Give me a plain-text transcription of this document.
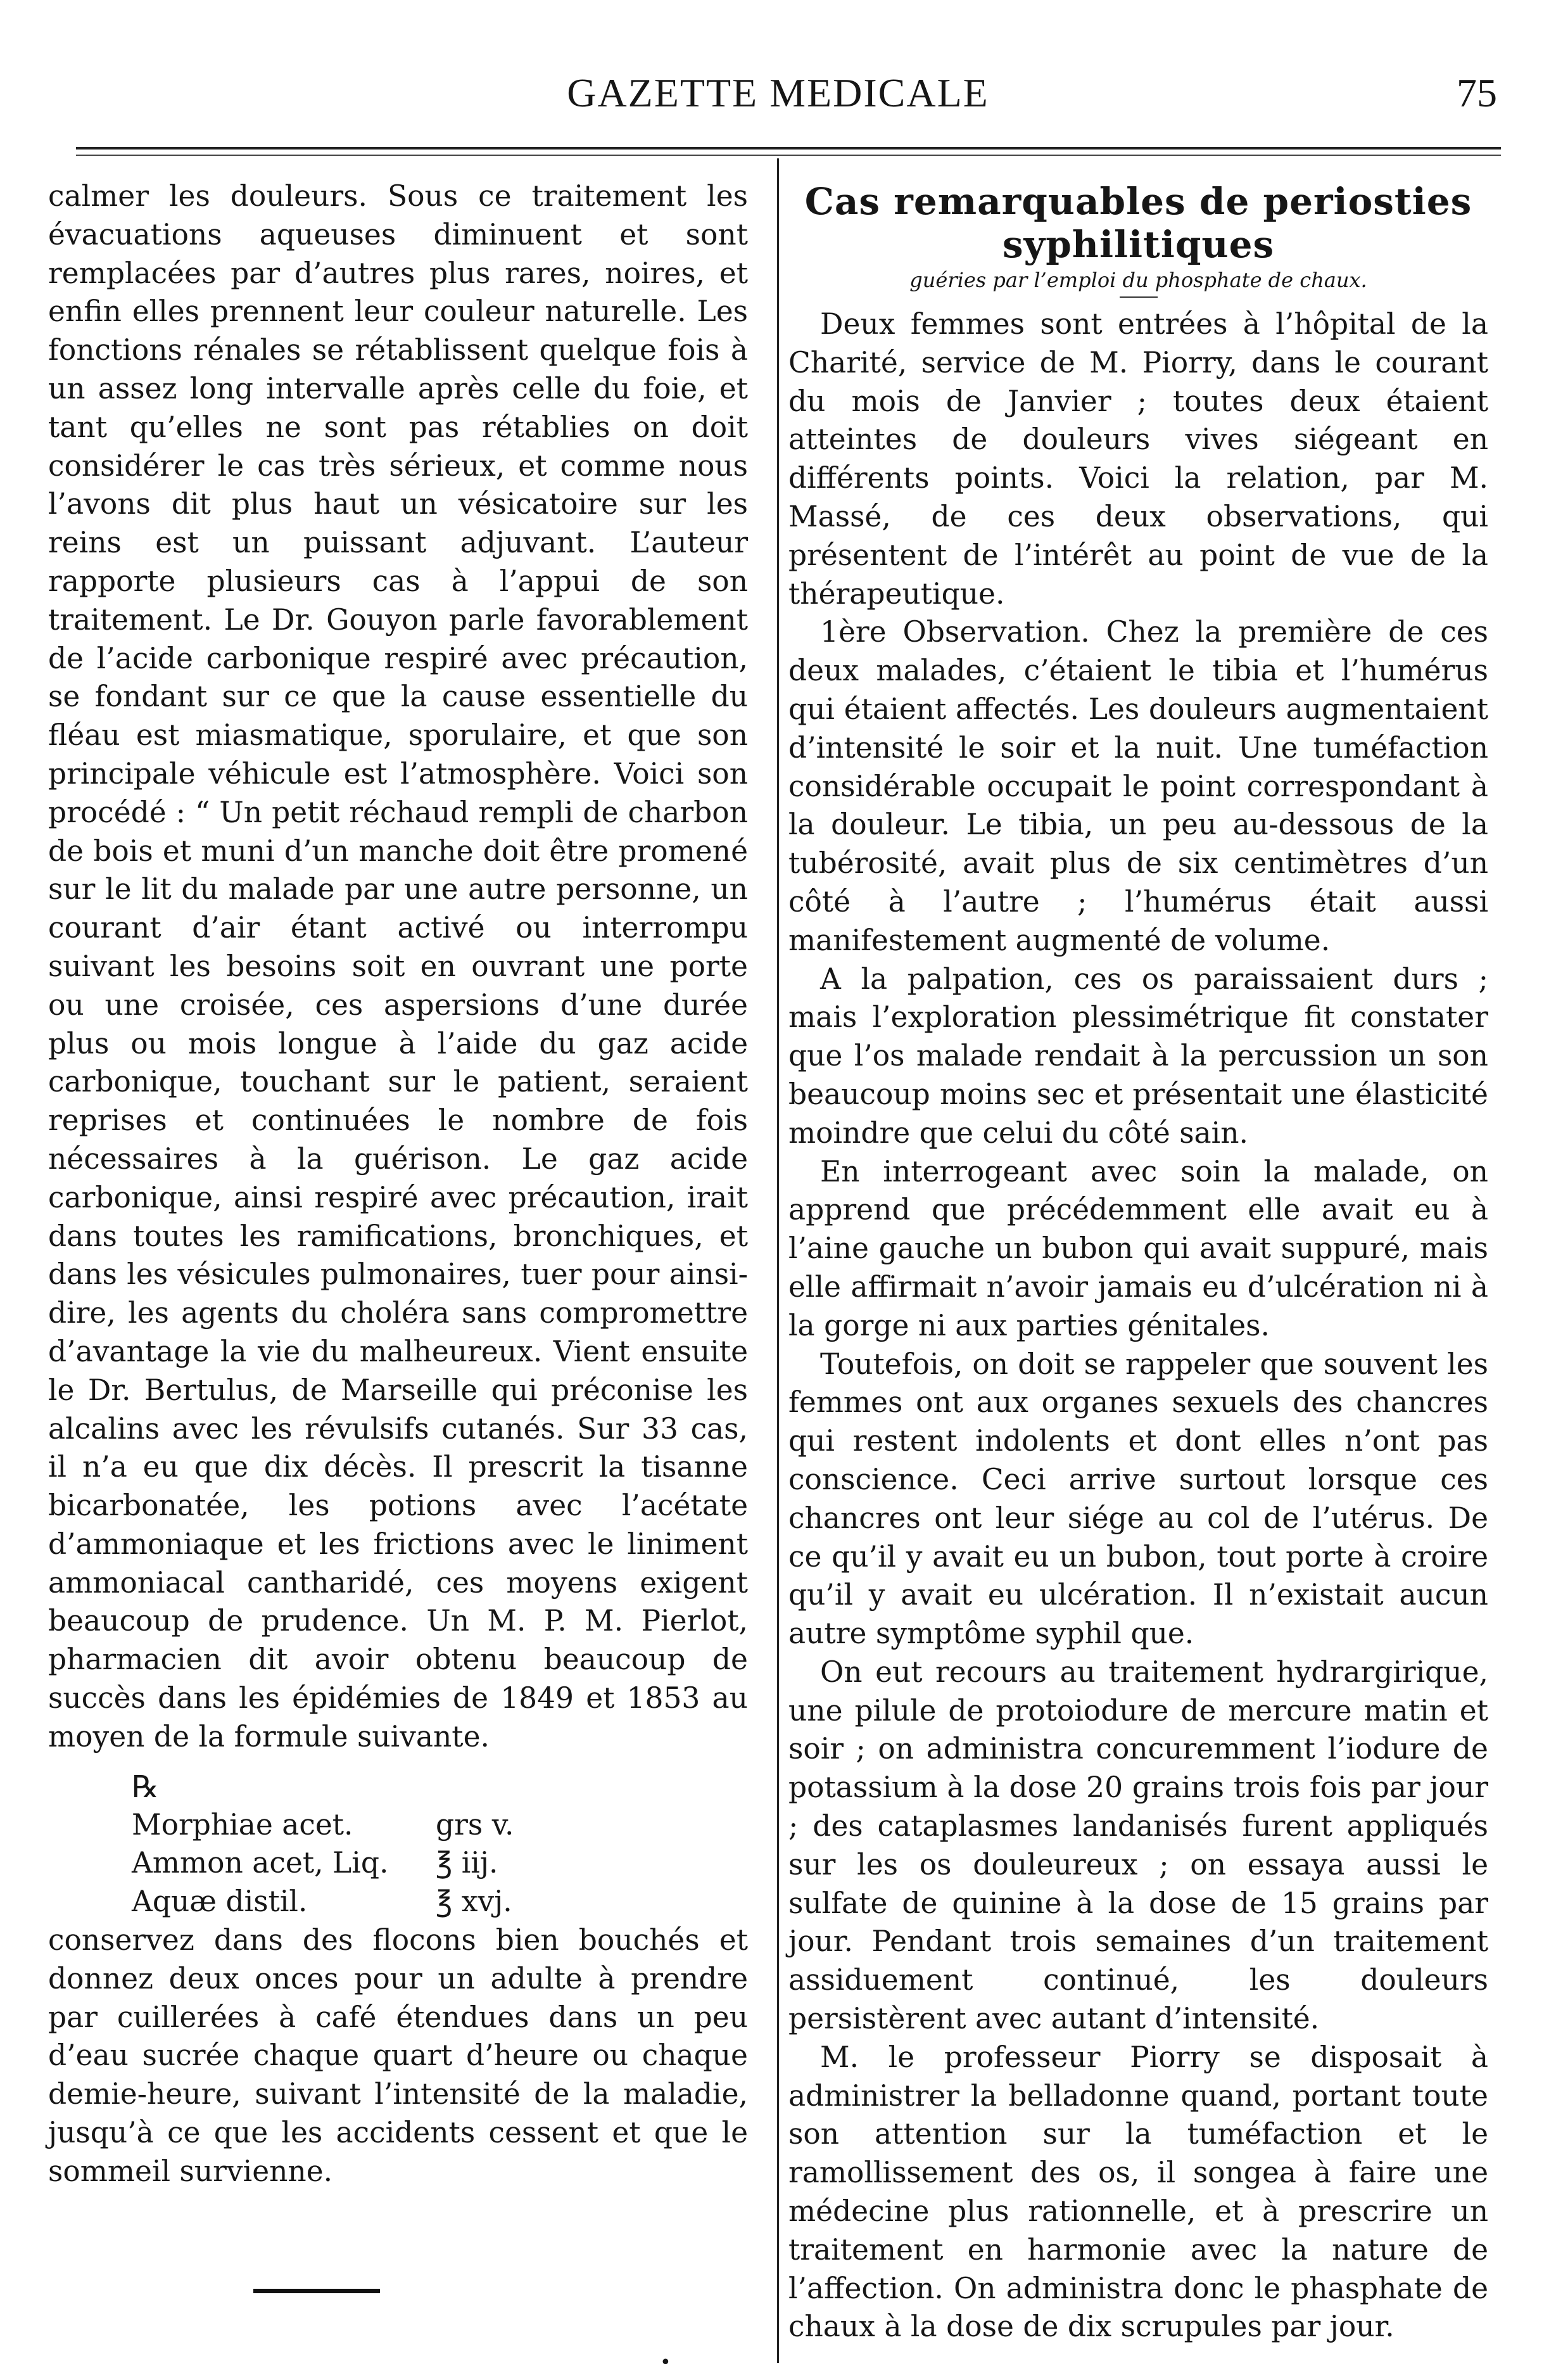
GAZETTE MEDICALE	75

calmer les douleurs. Sous ce traitement les évacuations aqueuses diminuent et sont remplacées par d’autres plus rares, noires, et enfin elles prennent leur couleur naturelle. Les fonctions rénales se rétablissent quelque fois à un assez long intervalle après celle du foie, et tant qu’elles ne sont pas rétablies on doit considérer le cas très sérieux, et comme nous l’avons dit plus haut un vésicatoire sur les reins est un puissant adjuvant. L’auteur rapporte plusieurs cas à l’appui de son traitement. Le Dr. Gouyon parle favorablement de l’acide carbonique respiré avec précaution, se fondant sur ce que la cause essentielle du fléau est miasmatique, sporulaire, et que son principale véhicule est l’atmosphère. Voici son procédé : “ Un petit réchaud rempli de charbon de bois et muni d’un manche doit être promené sur le lit du malade par une autre personne, un courant d’air étant activé ou interrompu suivant les besoins soit en ouvrant une porte ou une croisée, ces aspersions d’une durée plus ou mois longue à l’aide du gaz acide carbonique, touchant sur le patient, seraient reprises et continuées le nombre de fois nécessaires à la guérison. Le gaz acide carbonique, ainsi respiré avec précaution, irait dans toutes les ramifications, bronchiques, et dans les vésicules pulmonaires, tuer pour ainsi-dire, les agents du choléra sans compromettre d’avantage la vie du malheureux. Vient ensuite le Dr. Bertulus, de Marseille qui préconise les alcalins avec les révulsifs cutanés. Sur 33 cas, il n’a eu que dix décès. Il prescrit la tisanne bicarbonatée, les potions avec l’acétate d’ammoniaque et les frictions avec le liniment ammoniacal cantharidé, ces moyens exigent beaucoup de prudence. Un M. P. M. Pierlot, pharmacien dit avoir obtenu beaucoup de succès dans les épidémies de 1849 et 1853 au moyen de la formule suivante.

℞
Morphiae acet.	grs v.
Ammon acet, Liq.	℥ iij.
Aquæ distil.	℥ xvj.

conservez dans des flocons bien bouchés et donnez deux onces pour un adulte à prendre par cuillerées à café étendues dans un peu d’eau sucrée chaque quart d’heure ou chaque demie-heure, suivant l’intensité de la maladie, jusqu’à ce que les accidents cessent et que le sommeil survienne.

Cas remarquables de periosties syphilitiques
guéries par l’emploi du phosphate de chaux.

Deux femmes sont entrées à l’hôpital de la Charité, service de M. Piorry, dans le courant du mois de Janvier ; toutes deux étaient atteintes de douleurs vives siégeant en différents points. Voici la relation, par M. Massé, de ces deux observations, qui présentent de l’intérêt au point de vue de la thérapeutique.

1ère Observation. Chez la première de ces deux malades, c’étaient le tibia et l’humérus qui étaient affectés. Les douleurs augmentaient d’intensité le soir et la nuit. Une tuméfaction considérable occupait le point correspondant à la douleur. Le tibia, un peu au-dessous de la tubérosité, avait plus de six centimètres d’un côté à l’autre ; l’humérus était aussi manifestement augmenté de volume.

A la palpation, ces os paraissaient durs ; mais l’exploration plessimétrique fit constater que l’os malade rendait à la percussion un son beaucoup moins sec et présentait une élasticité moindre que celui du côté sain.

En interrogeant avec soin la malade, on apprend que précédemment elle avait eu à l’aine gauche un bubon qui avait suppuré, mais elle affirmait n’avoir jamais eu d’ulcération ni à la gorge ni aux parties génitales.

Toutefois, on doit se rappeler que souvent les femmes ont aux organes sexuels des chancres qui restent indolents et dont elles n’ont pas conscience. Ceci arrive surtout lorsque ces chancres ont leur siége au col de l’utérus. De ce qu’il y avait eu un bubon, tout porte à croire qu’il y avait eu ulcération. Il n’existait aucun autre symptôme syphil que.

On eut recours au traitement hydrargirique, une pilule de protoiodure de mercure matin et soir ; on administra concuremment l’iodure de potassium à la dose 20 grains trois fois par jour ; des cataplasmes landanisés furent appliqués sur les os douleureux ; on essaya aussi le sulfate de quinine à la dose de 15 grains par jour. Pendant trois semaines d’un traitement assiduement continué, les douleurs persistèrent avec autant d’intensité.

M. le professeur Piorry se disposait à administrer la belladonne quand, portant toute son attention sur la tuméfaction et le ramollissement des os, il songea à faire une médecine plus rationnelle, et à prescrire un traitement en harmonie avec la nature de l’affection. On administra donc le phasphate de chaux à la dose de dix scrupules par jour.

•
